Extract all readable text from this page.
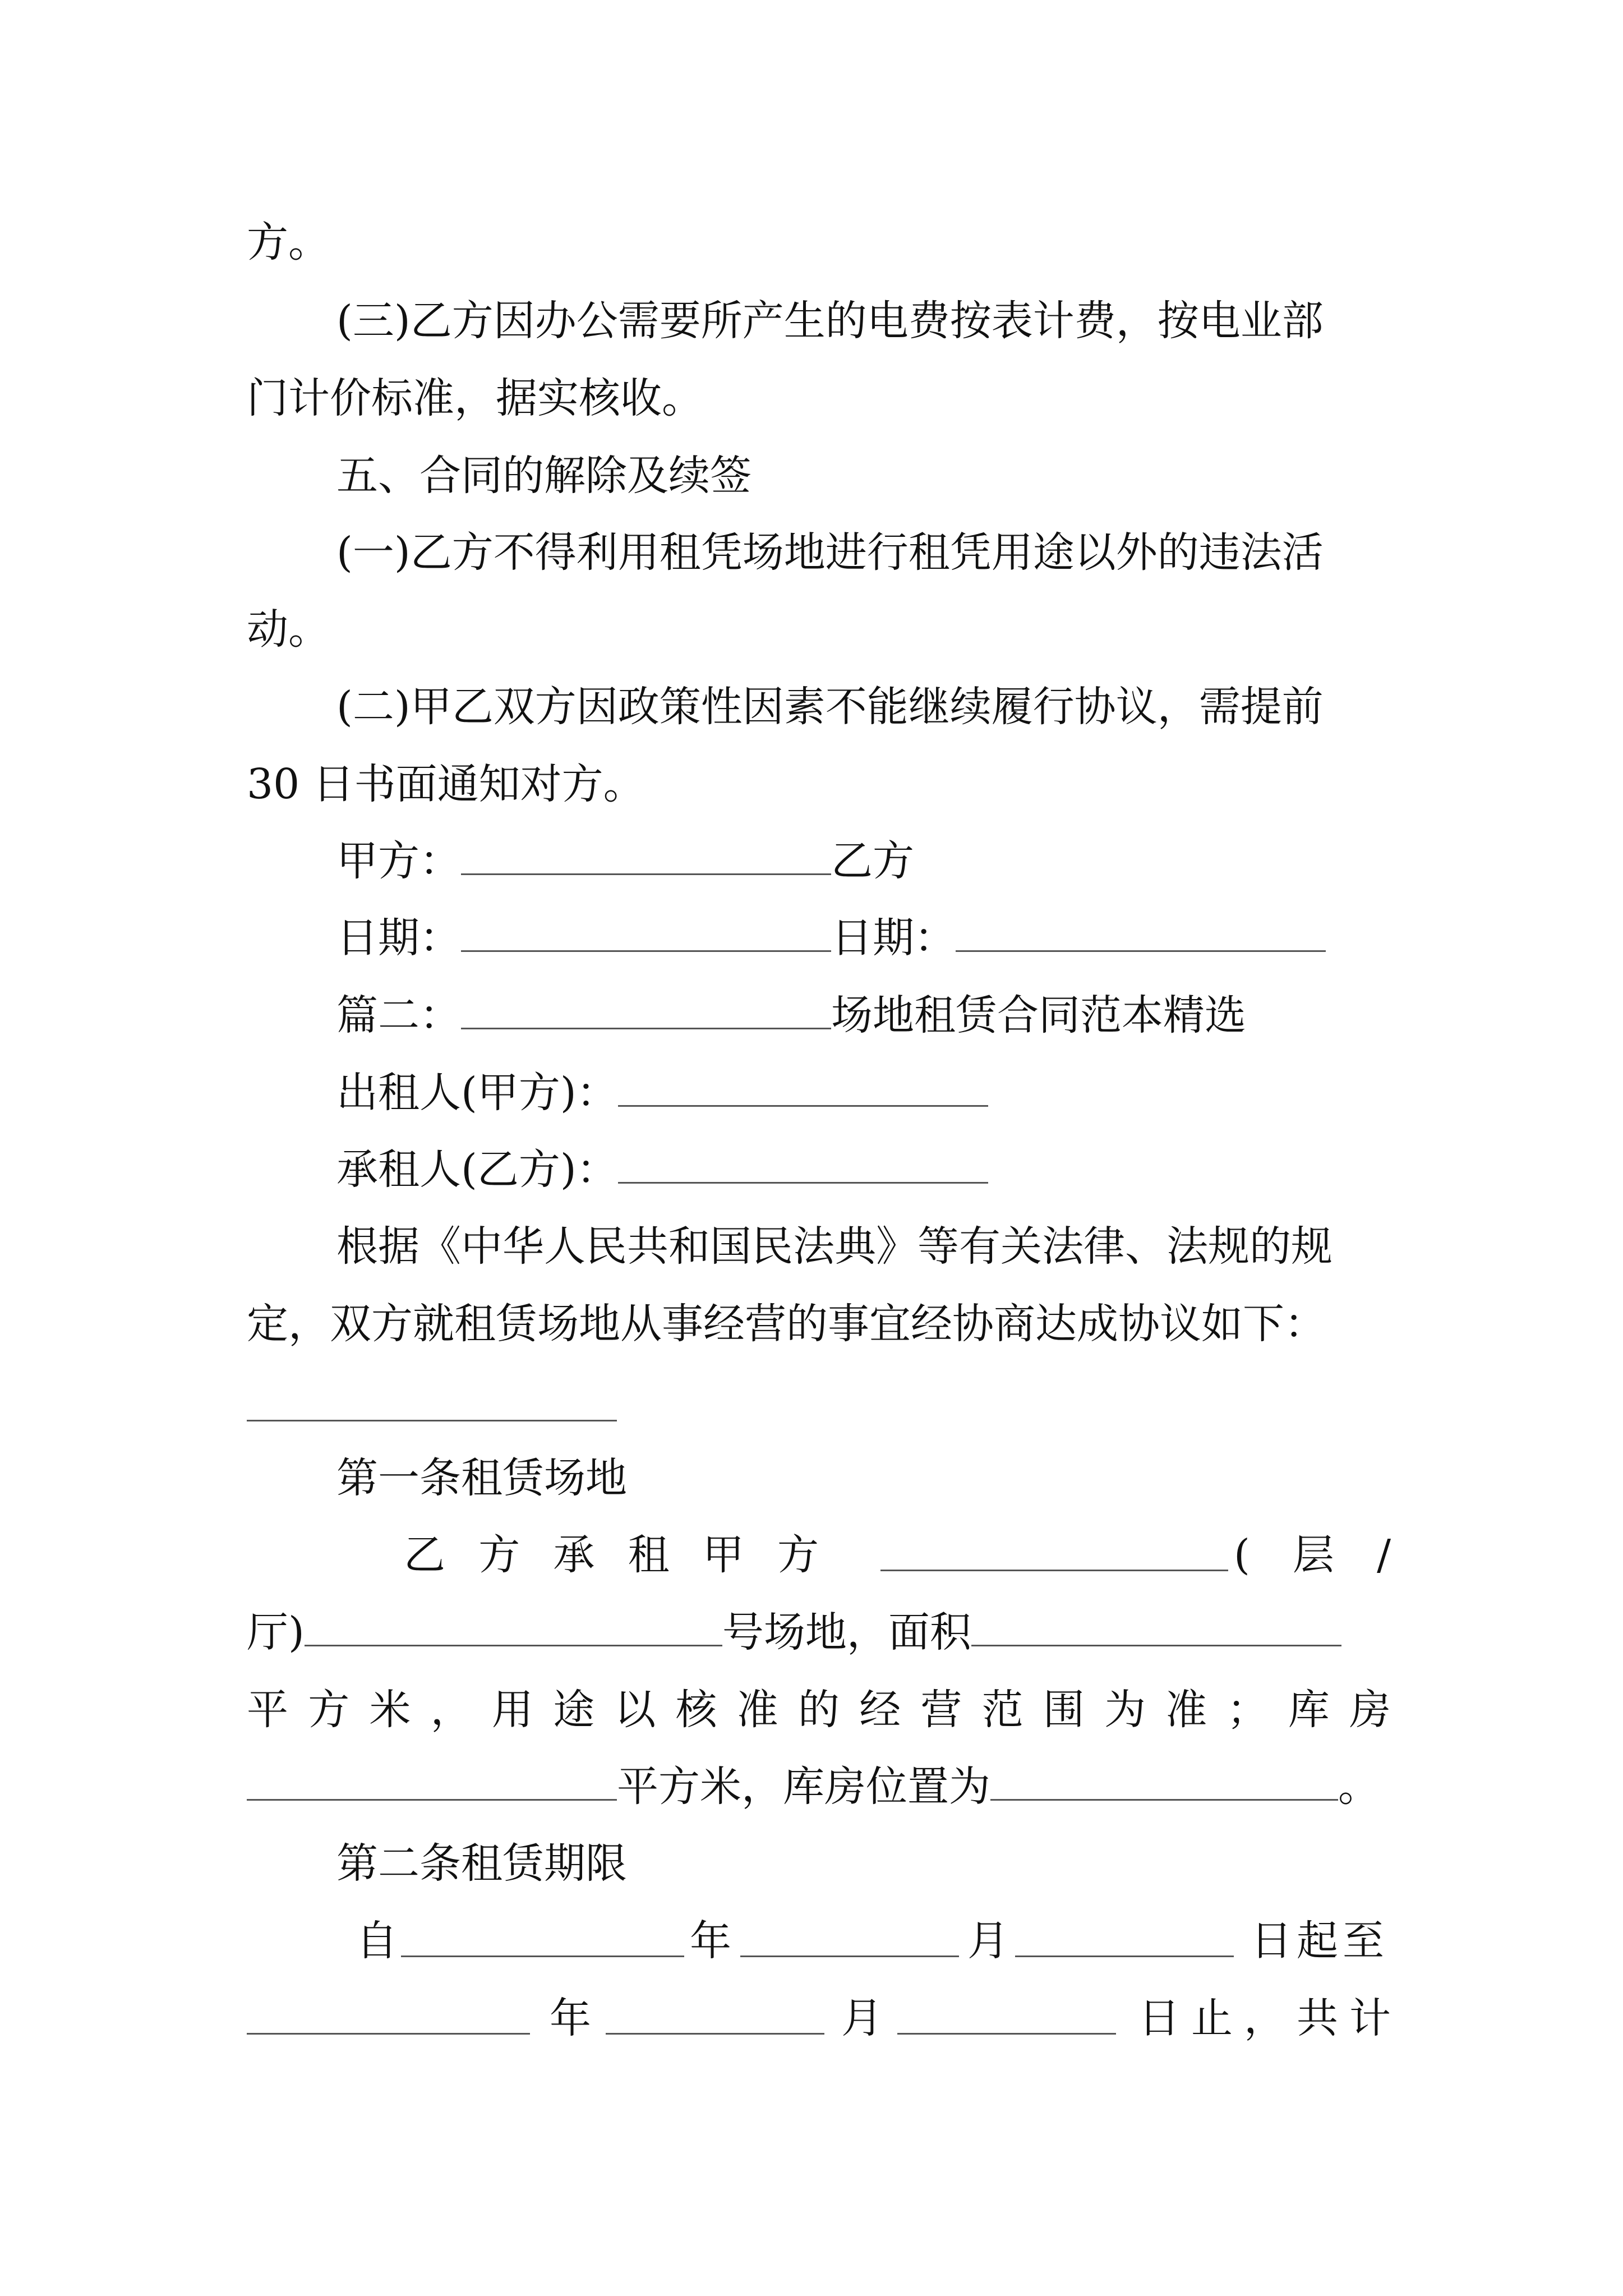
方。
(三)乙方因办公需要所产生的电费按表计费，按电业部
门计价标准，据实核收。
五、合同的解除及续签
(一)乙方不得利用租凭场地进行租凭用途以外的违法活
动。
(二)甲乙双方因政策性因素不能继续履行协议，需提前
30 日书面通知对方。
甲方：	乙方
日期：	日期：
篇二：	场地租赁合同范本精选
出租人(甲方)：
承租人(乙方)：
根据《中华人民共和国民法典》等有关法律、法规的规
定，双方就租赁场地从事经营的事宜经协商达成协议如下：
第一条租赁场地
乙 方 承 租 甲 方	( 层 /
厅)	号场地，面积
平 方 米 ， 用 途 以 核 准 的 经 营 范 围 为 准 ； 库 房
平方米，库房位置为	。
第二条租赁期限
自	年	月	日起至
年	月	日 止 ， 共 计
